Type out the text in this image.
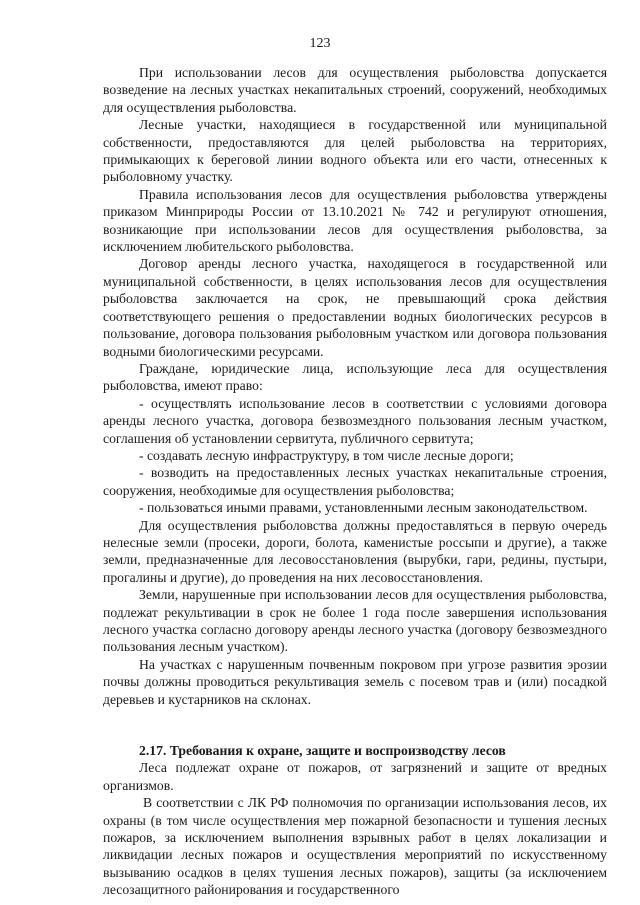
123

При использовании лесов для осуществления рыболовства допускается возведение на лесных участках некапитальных строений, сооружений, необходимых для осуществления рыболовства.

Лесные участки, находящиеся в государственной или муниципальной собственности, предоставляются для целей рыболовства на территориях, примыкающих к береговой линии водного объекта или его части, отнесенных к рыболовному участку.

Правила использования лесов для осуществления рыболовства утверждены приказом Минприроды России от 13.10.2021 № 742 и регулируют отношения, возникающие при использовании лесов для осуществления рыболовства, за исключением любительского рыболовства.

Договор аренды лесного участка, находящегося в государственной или муниципальной собственности, в целях использования лесов для осуществления рыболовства заключается на срок, не превышающий срока действия соответствующего решения о предоставлении водных биологических ресурсов в пользование, договора пользования рыболовным участком или договора пользования водными биологическими ресурсами.

Граждане, юридические лица, использующие леса для осуществления рыболовства, имеют право:

- осуществлять использование лесов в соответствии с условиями договора аренды лесного участка, договора безвозмездного пользования лесным участком, соглашения об установлении сервитута, публичного сервитута;

- создавать лесную инфраструктуру, в том числе лесные дороги;

- возводить на предоставленных лесных участках некапитальные строения, сооружения, необходимые для осуществления рыболовства;

- пользоваться иными правами, установленными лесным законодательством.

Для осуществления рыболовства должны предоставляться в первую очередь нелесные земли (просеки, дороги, болота, каменистые россыпи и другие), а также земли, предназначенные для лесовосстановления (вырубки, гари, редины, пустыри, прогалины и другие), до проведения на них лесовосстановления.

Земли, нарушенные при использовании лесов для осуществления рыболовства, подлежат рекультивации в срок не более 1 года после завершения использования лесного участка согласно договору аренды лесного участка (договору безвозмездного пользования лесным участком).

На участках с нарушенным почвенным покровом при угрозе развития эрозии почвы должны проводиться рекультивация земель с посевом трав и (или) посадкой деревьев и кустарников на склонах.

2.17. Требования к охране, защите и воспроизводству лесов

Леса подлежат охране от пожаров, от загрязнений и защите от вредных организмов.

В соответствии с ЛК РФ полномочия по организации использования лесов, их охраны (в том числе осуществления мер пожарной безопасности и тушения лесных пожаров, за исключением выполнения взрывных работ в целях локализации и ликвидации лесных пожаров и осуществления мероприятий по искусственному вызыванию осадков в целях тушения лесных пожаров), защиты (за исключением лесозащитного районирования и государственного
